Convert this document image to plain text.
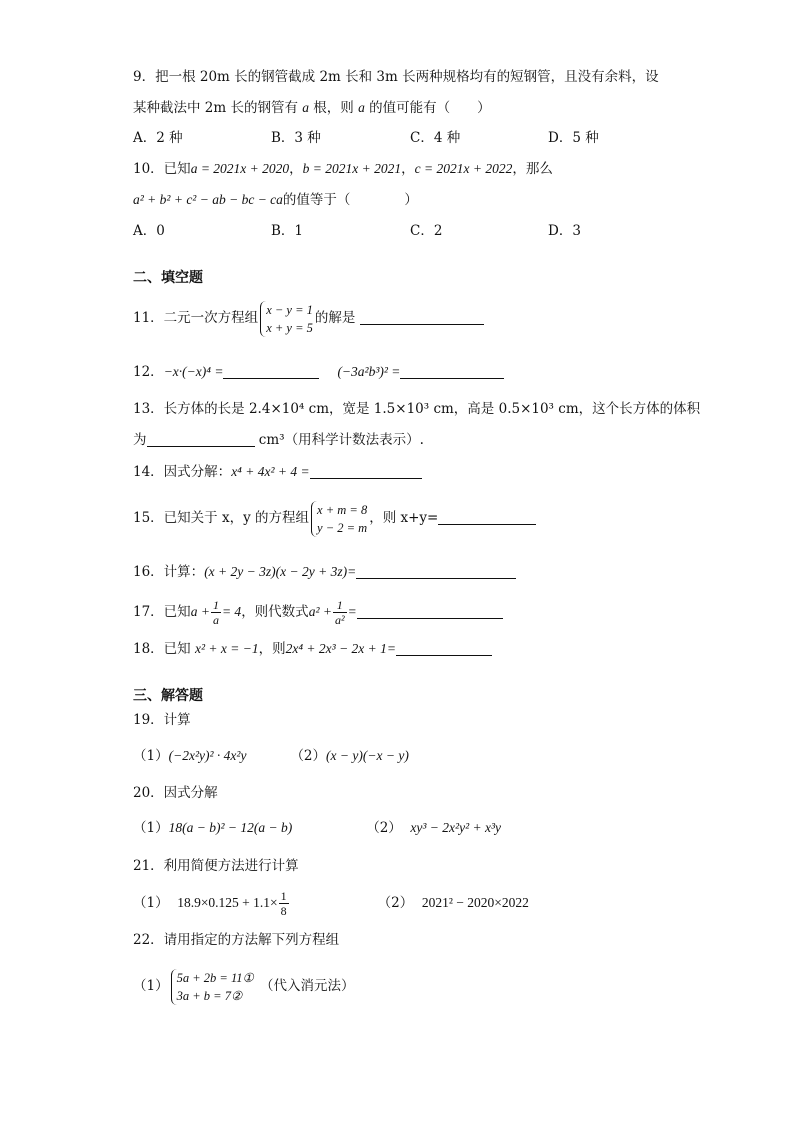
9．把一根 20m 长的钢管截成 2m 长和 3m 长两种规格均有的短钢管，且没有余料，设
某种截法中 2m 长的钢管有 a 根，则 a 的值可能有（　　）
A．2 种	B．3 种	C．4 种	D．5 种
10．已知a = 2021x + 2020，b = 2021x + 2021，c = 2021x + 2022，那么
a² + b² + c² − ab − bc − ca的值等于（　　　　）
A．0	B．1	C．2	D．3
二、填空题
11．二元一次方程组
x − y = 1
x + y = 5
的解是
12．−x·(−x)⁴ =	(−3a²b³)² =
13．长方体的长是 2.4×10⁴ cm，宽是 1.5×10³ cm，高是 0.5×10³ cm，这个长方体的体积
为	cm³（用科学计数法表示）.
14．因式分解：x⁴ + 4x² + 4 =
15．已知关于 x，y 的方程组
x + m = 8
y − 2 = m
，则 x+y=
16．计算：(x + 2y − 3z)(x − 2y + 3z)=
17．已知$a + \frac{1}{a} = 4$，则代数式$a^2 + \frac{1}{\text{a²}}$ =
18．已知 x² + x = −1，则2x⁴ + 2x³ − 2x + 1=
三、解答题
19．计算
（1）(−2x²y)² · 4x²y	（2）(x − y)(−x − y)
20．因式分解
（1）18(a − b)² − 12(a − b)	（2） xy³ − 2x²y² + x³y
21．利用简便方法进行计算
（1） $18.9\times 0.125 + 1.1\times \frac{1}{8}$	（2） 2021² − 2020×2022
22．请用指定的方法解下列方程组
（1）
5a + 2b = 11①
3a + b = 7②
（代入消元法）
